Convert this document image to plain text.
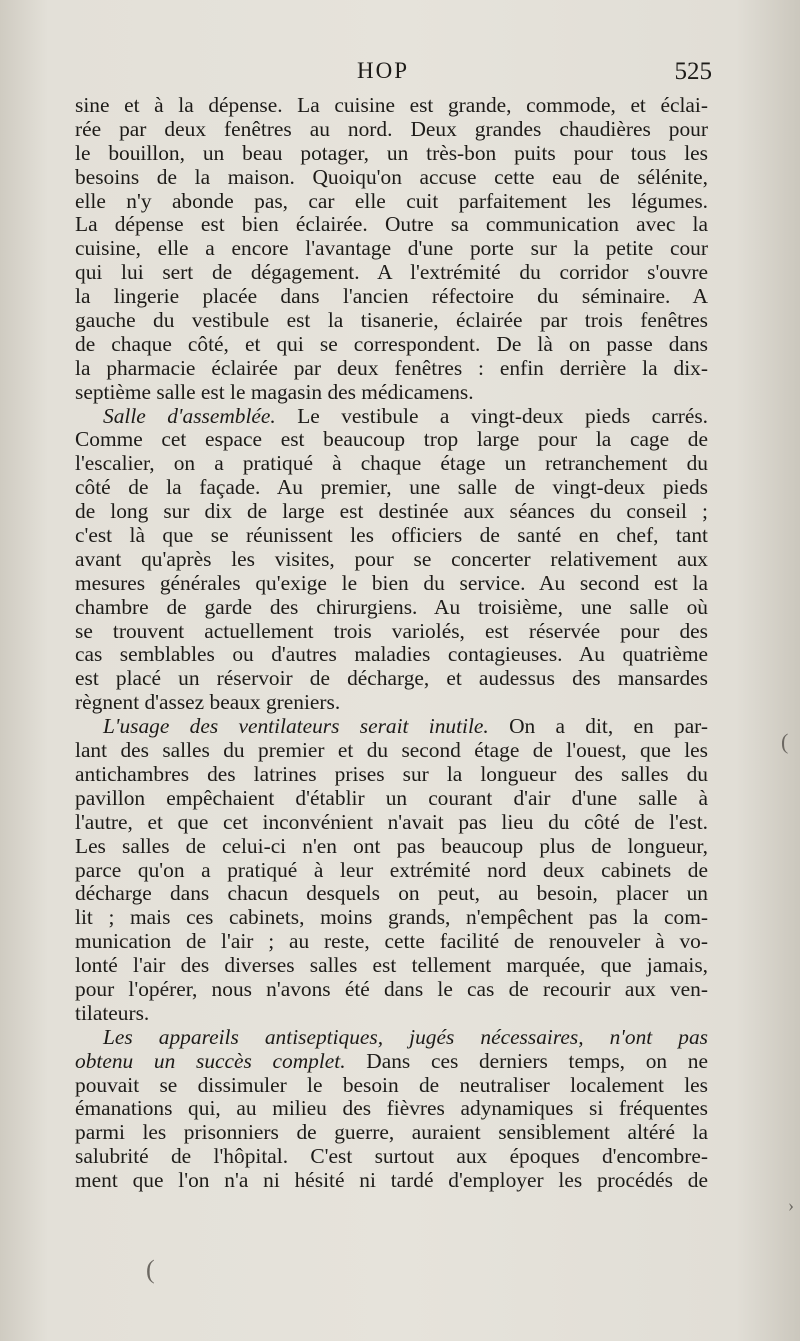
HOP	525
sine et à la dépense. La cuisine est grande, commode, et éclai-
rée par deux fenêtres au nord. Deux grandes chaudières pour
le bouillon, un beau potager, un très-bon puits pour tous les
besoins de la maison. Quoiqu'on accuse cette eau de sélénite,
elle n'y abonde pas, car elle cuit parfaitement les légumes.
La dépense est bien éclairée. Outre sa communication avec la
cuisine, elle a encore l'avantage d'une porte sur la petite cour
qui lui sert de dégagement. A l'extrémité du corridor s'ouvre
la lingerie placée dans l'ancien réfectoire du séminaire. A
gauche du vestibule est la tisanerie, éclairée par trois fenêtres
de chaque côté, et qui se correspondent. De là on passe dans
la pharmacie éclairée par deux fenêtres : enfin derrière la dix-
septième salle est le magasin des médicamens.
Salle d'assemblée. Le vestibule a vingt-deux pieds carrés.
Comme cet espace est beaucoup trop large pour la cage de
l'escalier, on a pratiqué à chaque étage un retranchement du
côté de la façade. Au premier, une salle de vingt-deux pieds
de long sur dix de large est destinée aux séances du conseil ;
c'est là que se réunissent les officiers de santé en chef, tant
avant qu'après les visites, pour se concerter relativement aux
mesures générales qu'exige le bien du service. Au second est la
chambre de garde des chirurgiens. Au troisième, une salle où
se trouvent actuellement trois variolés, est réservée pour des
cas semblables ou d'autres maladies contagieuses. Au quatrième
est placé un réservoir de décharge, et audessus des mansardes
règnent d'assez beaux greniers.
L'usage des ventilateurs serait inutile. On a dit, en par-
lant des salles du premier et du second étage de l'ouest, que les
antichambres des latrines prises sur la longueur des salles du
pavillon empêchaient d'établir un courant d'air d'une salle à
l'autre, et que cet inconvénient n'avait pas lieu du côté de l'est.
Les salles de celui-ci n'en ont pas beaucoup plus de longueur,
parce qu'on a pratiqué à leur extrémité nord deux cabinets de
décharge dans chacun desquels on peut, au besoin, placer un
lit ; mais ces cabinets, moins grands, n'empêchent pas la com-
munication de l'air ; au reste, cette facilité de renouveler à vo-
lonté l'air des diverses salles est tellement marquée, que jamais,
pour l'opérer, nous n'avons été dans le cas de recourir aux ven-
tilateurs.
Les appareils antiseptiques, jugés nécessaires, n'ont pas
obtenu un succès complet. Dans ces derniers temps, on ne
pouvait se dissimuler le besoin de neutraliser localement les
émanations qui, au milieu des fièvres adynamiques si fréquentes
parmi les prisonniers de guerre, auraient sensiblement altéré la
salubrité de l'hôpital. C'est surtout aux époques d'encombre-
ment que l'on n'a ni hésité ni tardé d'employer les procédés de
›
(
(
